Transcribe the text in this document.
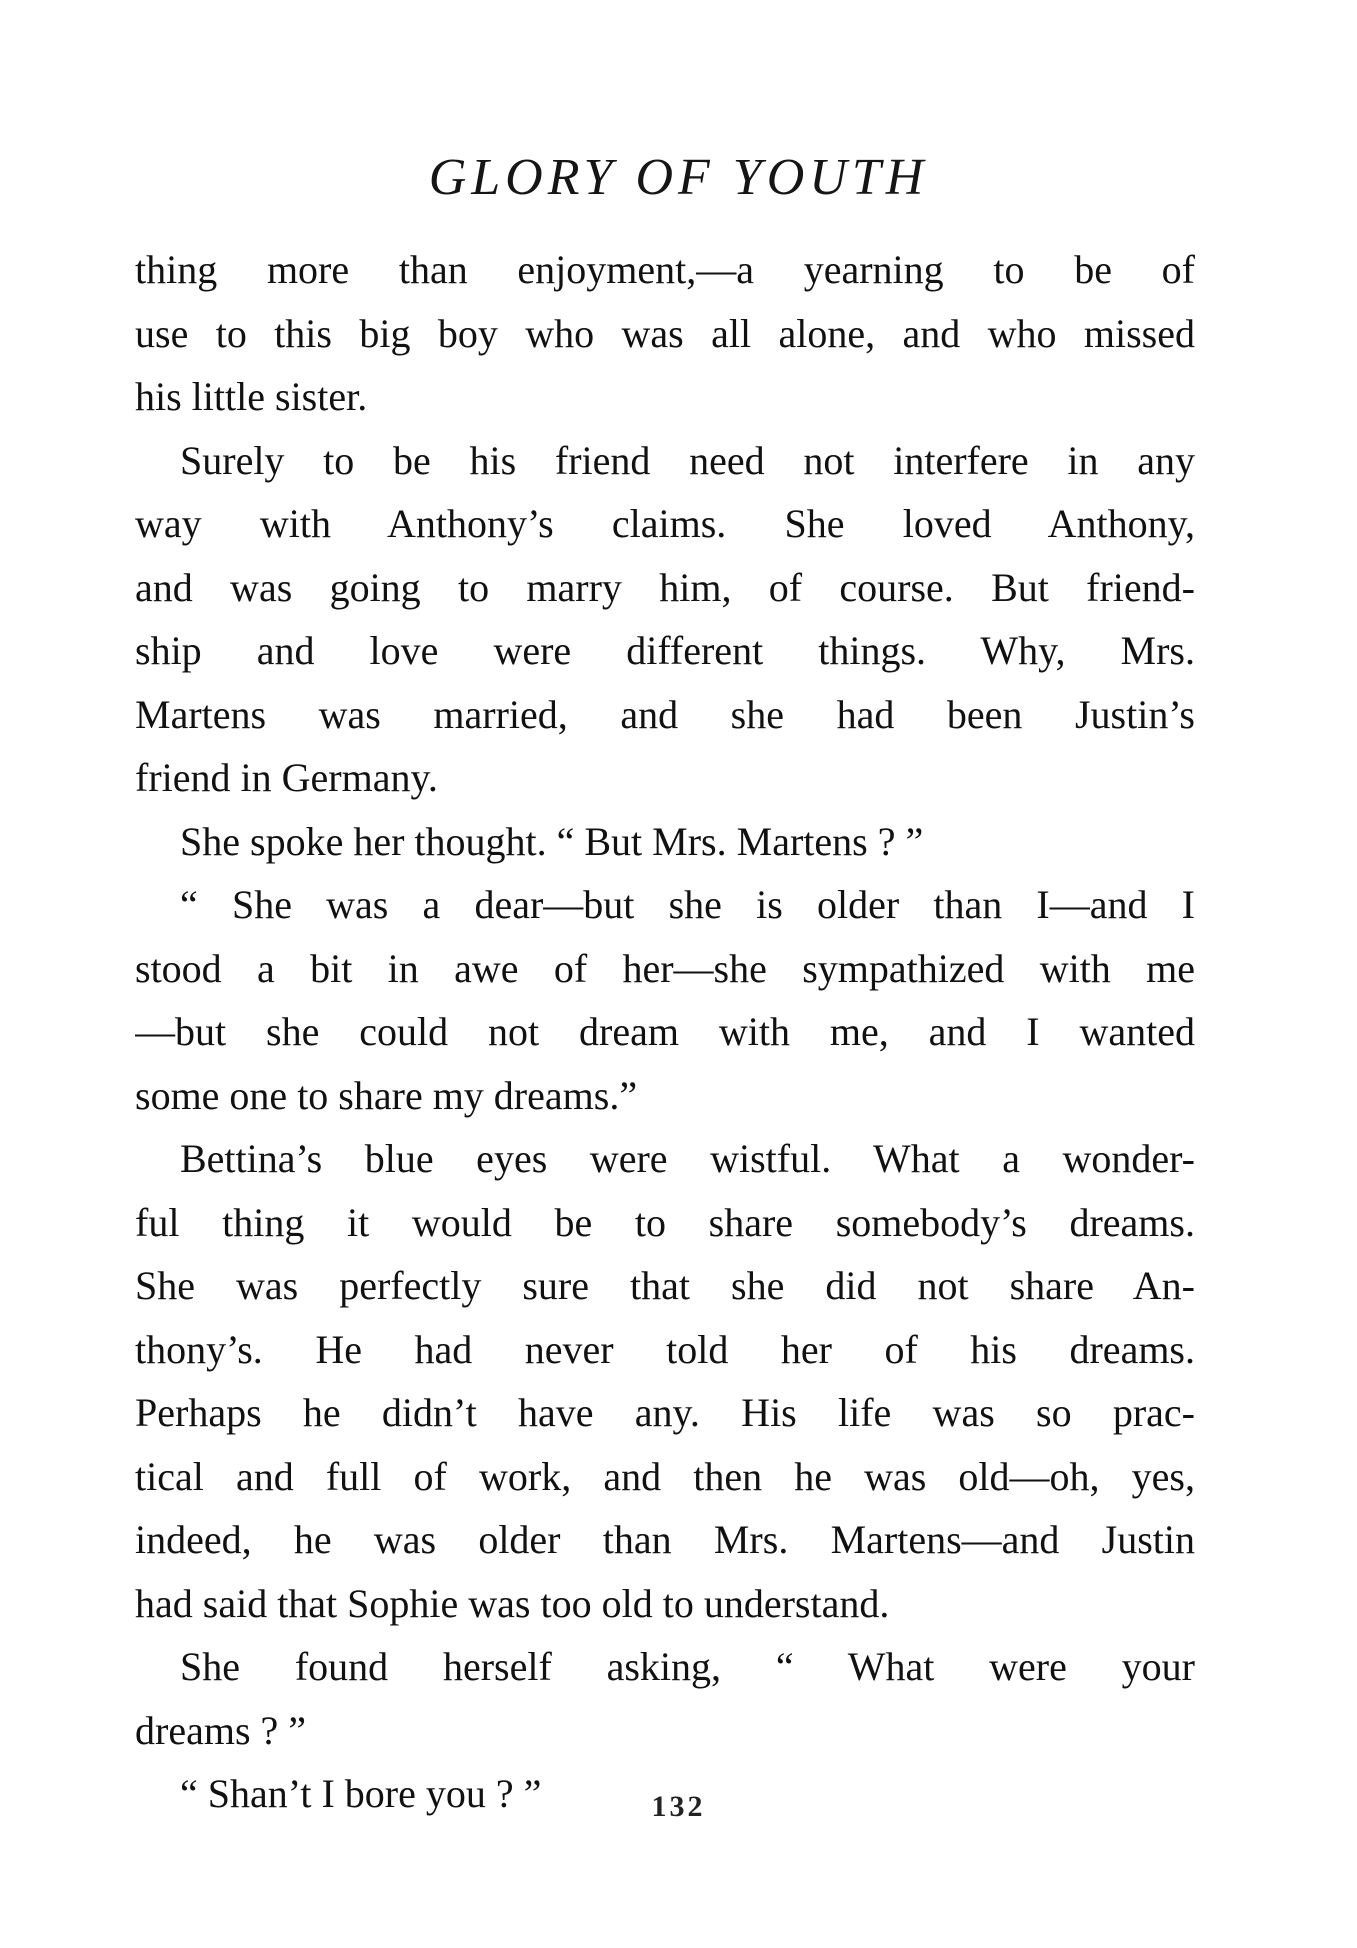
GLORY OF YOUTH
thing more than enjoyment,—a yearning to be of
use to this big boy who was all alone, and who missed
his little sister.
Surely to be his friend need not interfere in any
way with Anthony’s claims. She loved Anthony,
and was going to marry him, of course. But friend-
ship and love were different things. Why, Mrs.
Martens was married, and she had been Justin’s
friend in Germany.
She spoke her thought. “ But Mrs. Martens ? ”
“ She was a dear—but she is older than I—and I
stood a bit in awe of her—she sympathized with me
—but she could not dream with me, and I wanted
some one to share my dreams.”
Bettina’s blue eyes were wistful. What a wonder-
ful thing it would be to share somebody’s dreams.
She was perfectly sure that she did not share An-
thony’s. He had never told her of his dreams.
Perhaps he didn’t have any. His life was so prac-
tical and full of work, and then he was old—oh, yes,
indeed, he was older than Mrs. Martens—and Justin
had said that Sophie was too old to understand.
She found herself asking, “ What were your
dreams ? ”
“ Shan’t I bore you ? ”	132
